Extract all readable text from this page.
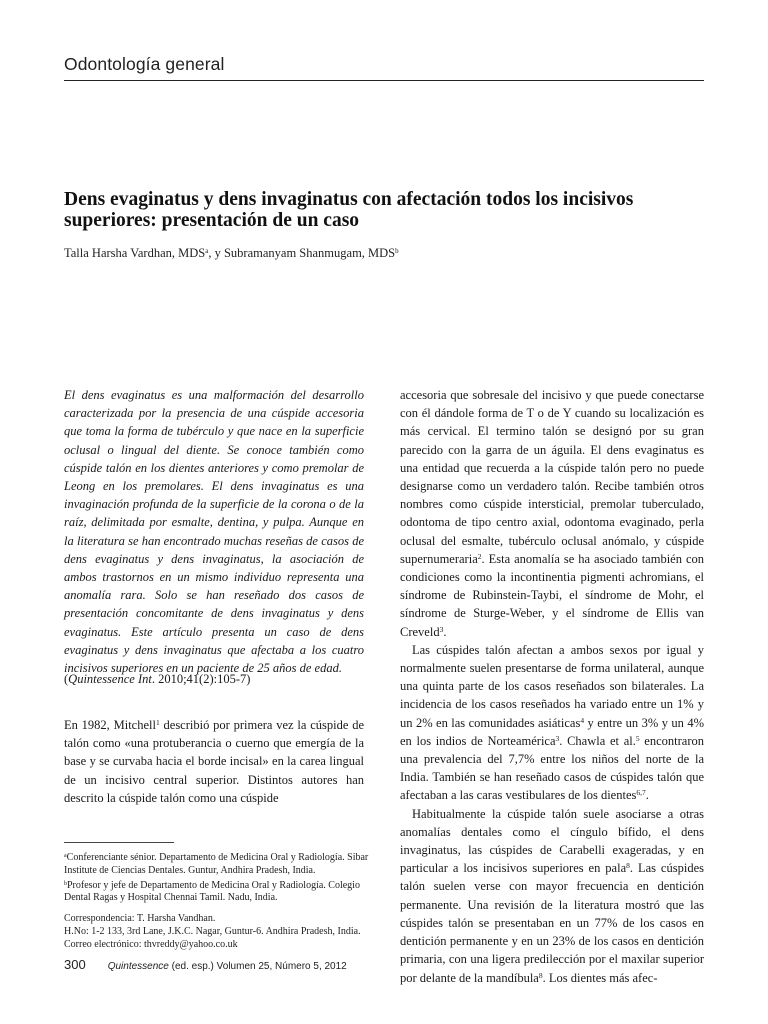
Odontología general
Dens evaginatus y dens invaginatus con afectación todos los incisivos superiores: presentación de un caso
Talla Harsha Vardhan, MDS$^a$, y Subramanyam Shanmugam, MDS$^b$

El dens evaginatus es una malformación del desarrollo caracterizada por la presencia de una cúspide accesoria que toma la forma de tubérculo y que nace en la superficie oclusal o lingual del diente. Se conoce también como cúspide talón en los dientes anteriores y como premolar de Leong en los premolares. El dens invaginatus es una invaginación profunda de la superficie de la corona o de la raíz, delimitada por esmalte, dentina, y pulpa. Aunque en la literatura se han encontrado muchas reseñas de casos de dens evaginatus y dens invaginatus, la asociación de ambos trastornos en un mismo individuo representa una anomalía rara. Solo se han reseñado dos casos de presentación concomitante de dens invaginatus y dens evaginatus. Este artículo presenta un caso de dens evaginatus y dens invaginatus que afectaba a los cuatro incisivos superiores en un paciente de 25 años de edad.

(Quintessence Int. 2010;41(2):105-7)

En 1982, Mitchell$^1$ describió por primera vez la cúspide de talón como «una protuberancia o cuerno que emergía de la base y se curvaba hacia el borde incisal» en la carea lingual de un incisivo central superior. Distintos autores han descrito la cúspide talón como una cúspide

accesoria que sobresale del incisivo y que puede conectarse con él dándole forma de T o de Y cuando su localización es más cervical. El termino talón se designó por su gran parecido con la garra de un águila. El dens evaginatus es una entidad que recuerda a la cúspide talón pero no puede designarse como un verdadero talón. Recibe también otros nombres como cúspide intersticial, premolar tuberculado, odontoma de tipo centro axial, odontoma evaginado, perla oclusal del esmalte, tubérculo oclusal anómalo, y cúspide supernumeraria$^2$. Esta anomalía se ha asociado también con condiciones como la incontinentia pigmenti achromians, el síndrome de Rubinstein-Taybi, el síndrome de Mohr, el síndrome de Sturge-Weber, y el síndrome de Ellis van Creveld$^3$.

Las cúspides talón afectan a ambos sexos por igual y normalmente suelen presentarse de forma unilateral, aunque una quinta parte de los casos reseñados son bilaterales. La incidencia de los casos reseñados ha variado entre un 1% y un 2% en las comunidades asiáticas$^4$ y entre un 3% y un 4% en los indios de Norteamérica$^3$. Chawla et al.$^5$ encontraron una prevalencia del 7,7% entre los niños del norte de la India. También se han reseñado casos de cúspides talón que afectaban a las caras vestibulares de los dientes$^{6,7}$.

Habitualmente la cúspide talón suele asociarse a otras anomalías dentales como el cíngulo bífido, el dens invaginatus, las cúspides de Carabelli exageradas, y en particular a los incisivos superiores en pala$^8$. Las cúspides talón suelen verse con mayor frecuencia en dentición permanente. Una revisión de la literatura mostró que las cúspides talón se presentaban en un 77% de los casos en dentición permanente y en un 23% de los casos en dentición primaria, con una ligera predilección por el maxilar superior por delante de la mandíbula$^8$. Los dientes más afec-

$^a$Conferenciante sénior. Departamento de Medicina Oral y Radiología. Sibar Institute de Ciencias Dentales. Guntur, Andhira Pradesh, India.

$^b$Profesor y jefe de Departamento de Medicina Oral y Radiología. Colegio Dental Ragas y Hospital Chennai Tamil. Nadu, India.

Correspondencia: T. Harsha Vandhan.

H.No: 1-2 133, 3rd Lane, J.K.C. Nagar, Guntur-6. Andhira Pradesh, India.

Correo electrónico: thvreddy@yahoo.co.uk

300 Quintessence (ed. esp.) Volumen 25, Número 5, 2012
